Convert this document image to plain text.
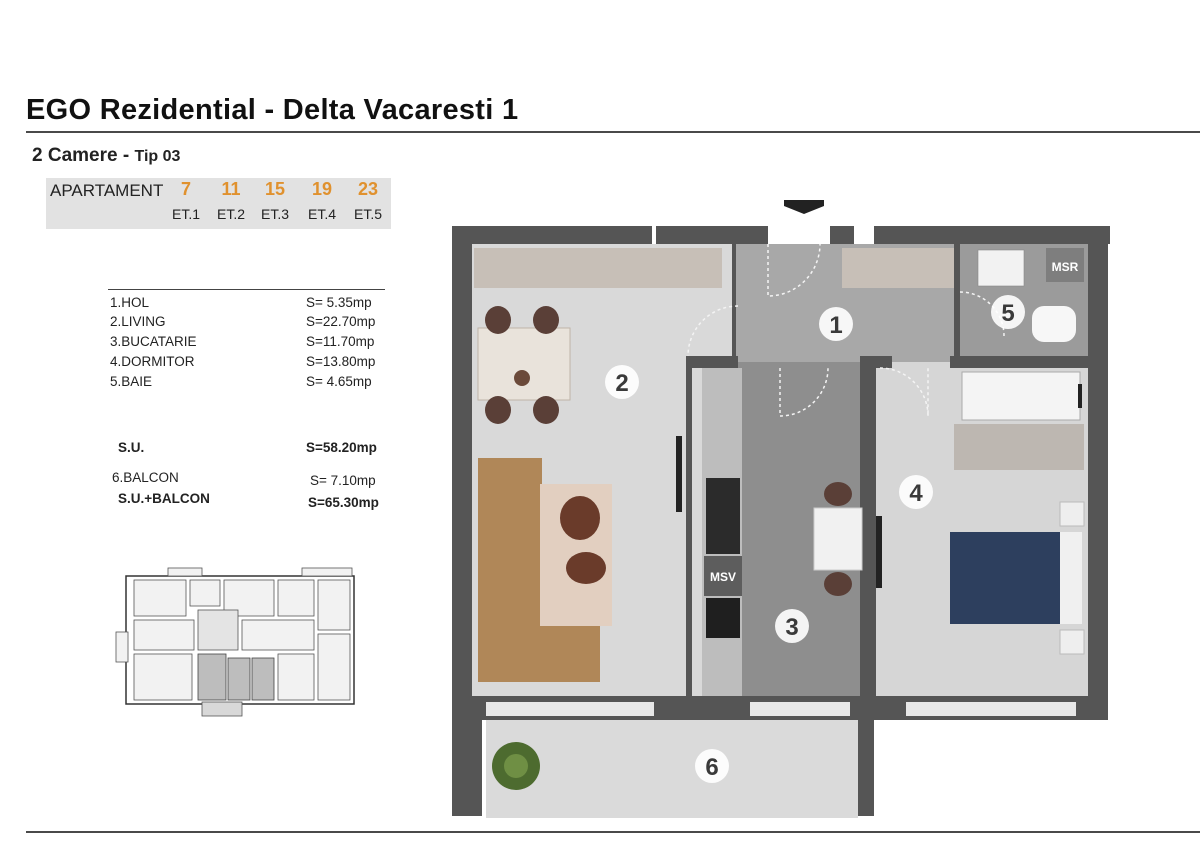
EGO Rezidential - Delta Vacaresti 1
2 Camere - Tip 03
APARTAMENT 7	11	15	19	23
ET.1	ET.2	ET.3	ET.4	ET.5
1.HOL	S= 5.35mp
2.LIVING	S=22.70mp
3.BUCATARIE	S=11.70mp
4.DORMITOR	S=13.80mp
5.BAIE	S= 4.65mp
S.U.	S=58.20mp
6.BALCON	S= 7.10mp
S.U.+BALCON	S=65.30mp
MSR
MSV
1
2
3
4
5
6
